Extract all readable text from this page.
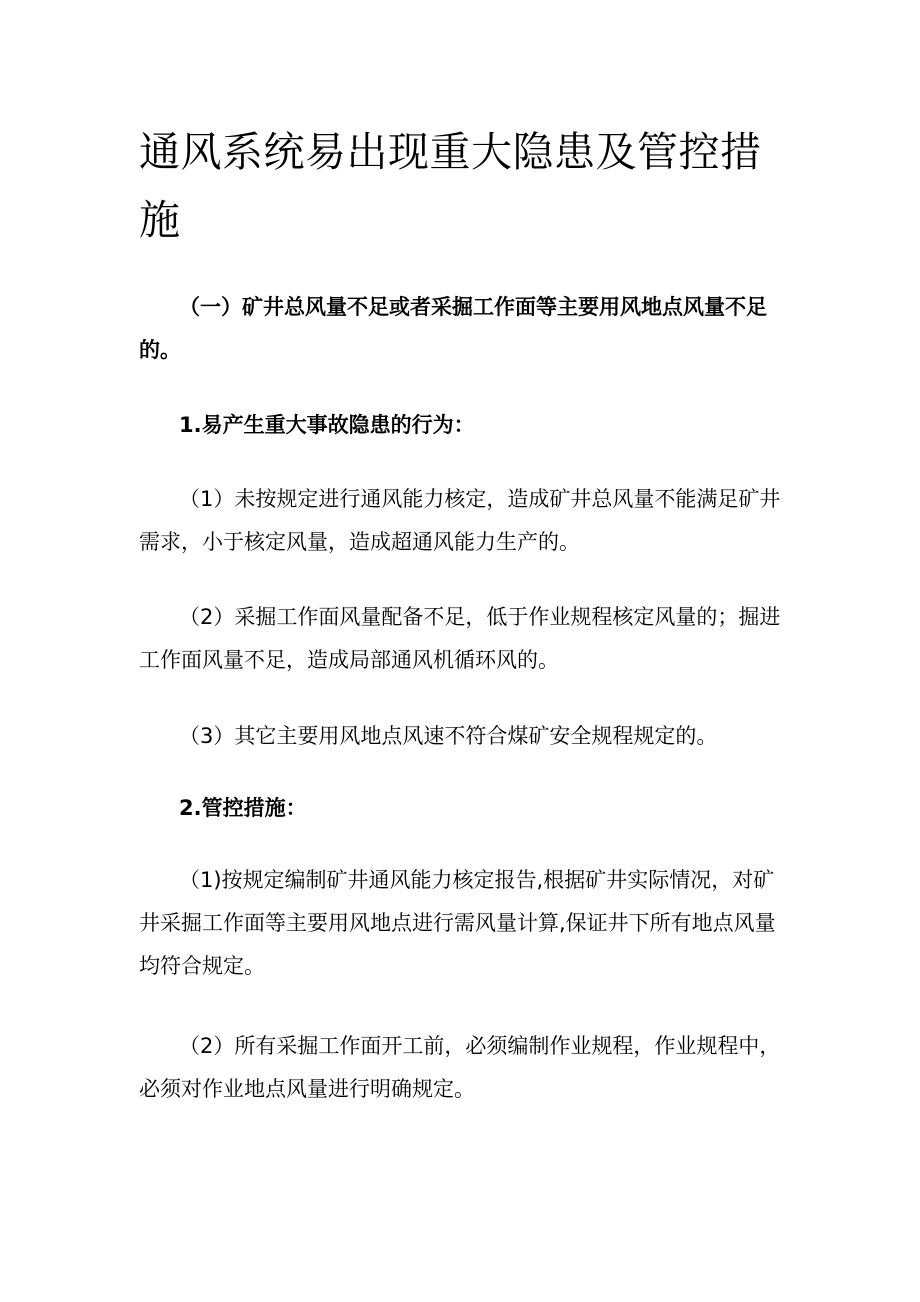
通风系统易出现重大隐患及管控措施

（一）矿井总风量不足或者采掘工作面等主要用风地点风量不足的。

1.易产生重大事故隐患的行为：

（1）未按规定进行通风能力核定，造成矿井总风量不能满足矿井需求，小于核定风量，造成超通风能力生产的。

（2）采掘工作面风量配备不足，低于作业规程核定风量的；掘进工作面风量不足，造成局部通风机循环风的。

（3）其它主要用风地点风速不符合煤矿安全规程规定的。

2.管控措施：

（1)按规定编制矿井通风能力核定报告,根据矿井实际情况，对矿井采掘工作面等主要用风地点进行需风量计算,保证井下所有地点风量均符合规定。

（2）所有采掘工作面开工前，必须编制作业规程，作业规程中，必须对作业地点风量进行明确规定。
